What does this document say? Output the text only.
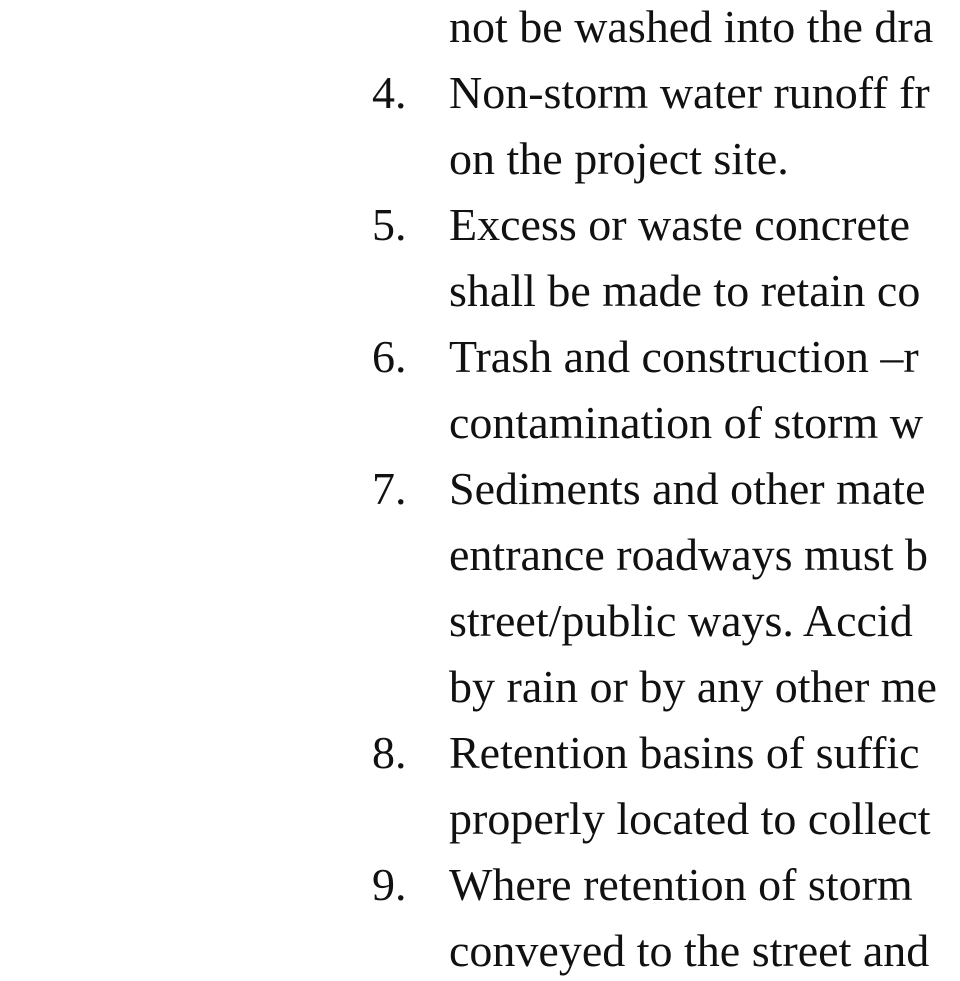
not be washed into the dra
4. Non-storm water runoff fr
on the project site.
5. Excess or waste concrete
shall be made to retain co
6. Trash and construction –r
contamination of storm w
7. Sediments and other mate
entrance roadways must b
street/public ways. Accid
by rain or by any other me
8. Retention basins of suffic
properly located to collect
9. Where retention of storm
conveyed to the street and
